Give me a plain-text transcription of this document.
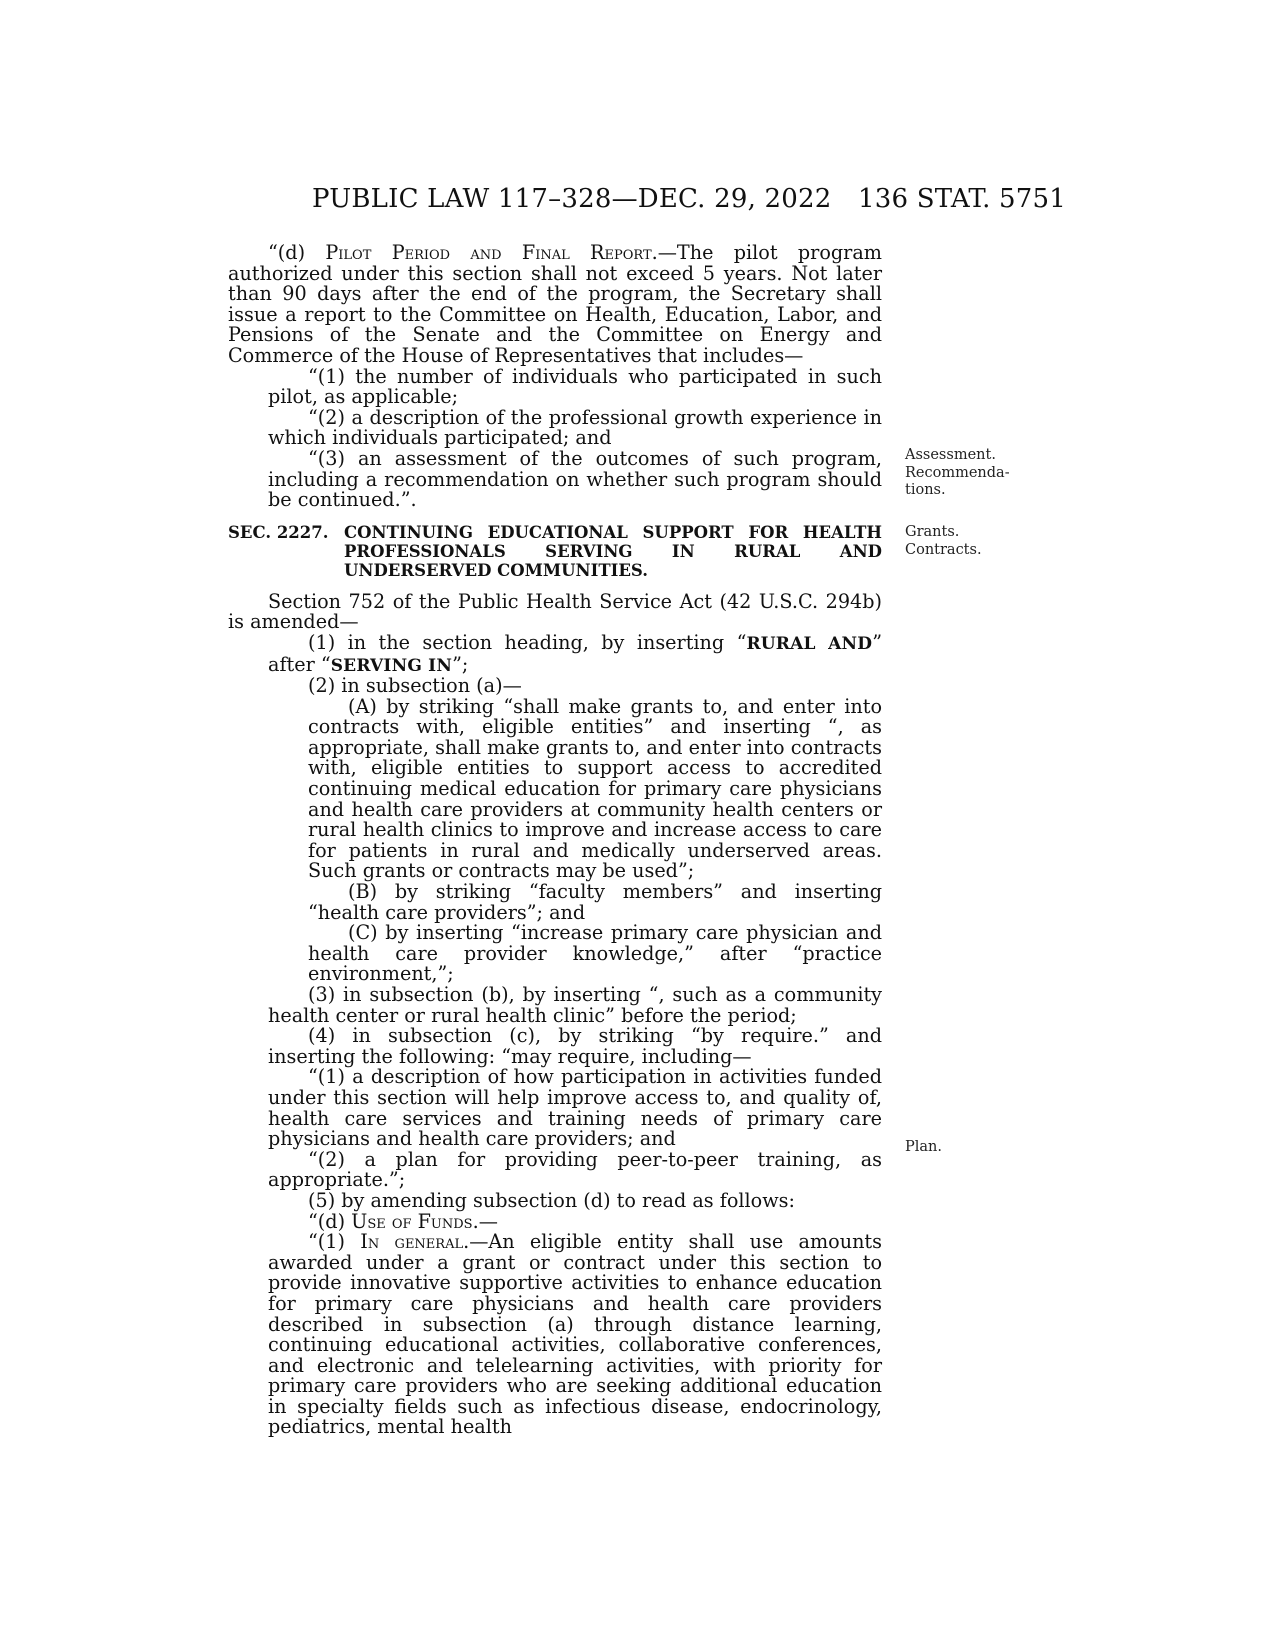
PUBLIC LAW 117–328—DEC. 29, 2022 136 STAT. 5751

“(d) Pilot Period and Final Report.—The pilot program authorized under this section shall not exceed 5 years. Not later than 90 days after the end of the program, the Secretary shall issue a report to the Committee on Health, Education, Labor, and Pensions of the Senate and the Committee on Energy and Commerce of the House of Representatives that includes—

“(1) the number of individuals who participated in such pilot, as applicable;

“(2) a description of the professional growth experience in which individuals participated; and

“(3) an assessment of the outcomes of such program, including a recommendation on whether such program should be continued.”.

SEC. 2227. CONTINUING EDUCATIONAL SUPPORT FOR HEALTH PROFESSIONALS SERVING IN RURAL AND UNDERSERVED COMMUNITIES.

Section 752 of the Public Health Service Act (42 U.S.C. 294b) is amended—

(1) in the section heading, by inserting “RURAL AND” after “SERVING IN”;

(2) in subsection (a)—

(A) by striking “shall make grants to, and enter into contracts with, eligible entities” and inserting “, as appropriate, shall make grants to, and enter into contracts with, eligible entities to support access to accredited continuing medical education for primary care physicians and health care providers at community health centers or rural health clinics to improve and increase access to care for patients in rural and medically underserved areas. Such grants or contracts may be used”;

(B) by striking “faculty members” and inserting “health care providers”; and

(C) by inserting “increase primary care physician and health care provider knowledge,” after “practice environment,”;

(3) in subsection (b), by inserting “, such as a community health center or rural health clinic” before the period;

(4) in subsection (c), by striking “by require.” and inserting the following: “may require, including—

“(1) a description of how participation in activities funded under this section will help improve access to, and quality of, health care services and training needs of primary care physicians and health care providers; and

“(2) a plan for providing peer-to-peer training, as appropriate.”;

(5) by amending subsection (d) to read as follows:

“(d) Use of Funds.—

“(1) In general.—An eligible entity shall use amounts awarded under a grant or contract under this section to provide innovative supportive activities to enhance education for primary care physicians and health care providers described in subsection (a) through distance learning, continuing educational activities, collaborative conferences, and electronic and telelearning activities, with priority for primary care providers who are seeking additional education in specialty fields such as infectious disease, endocrinology, pediatrics, mental health

Assessment.
Recommenda-
tions.
Grants.
Contracts.
Plan.
